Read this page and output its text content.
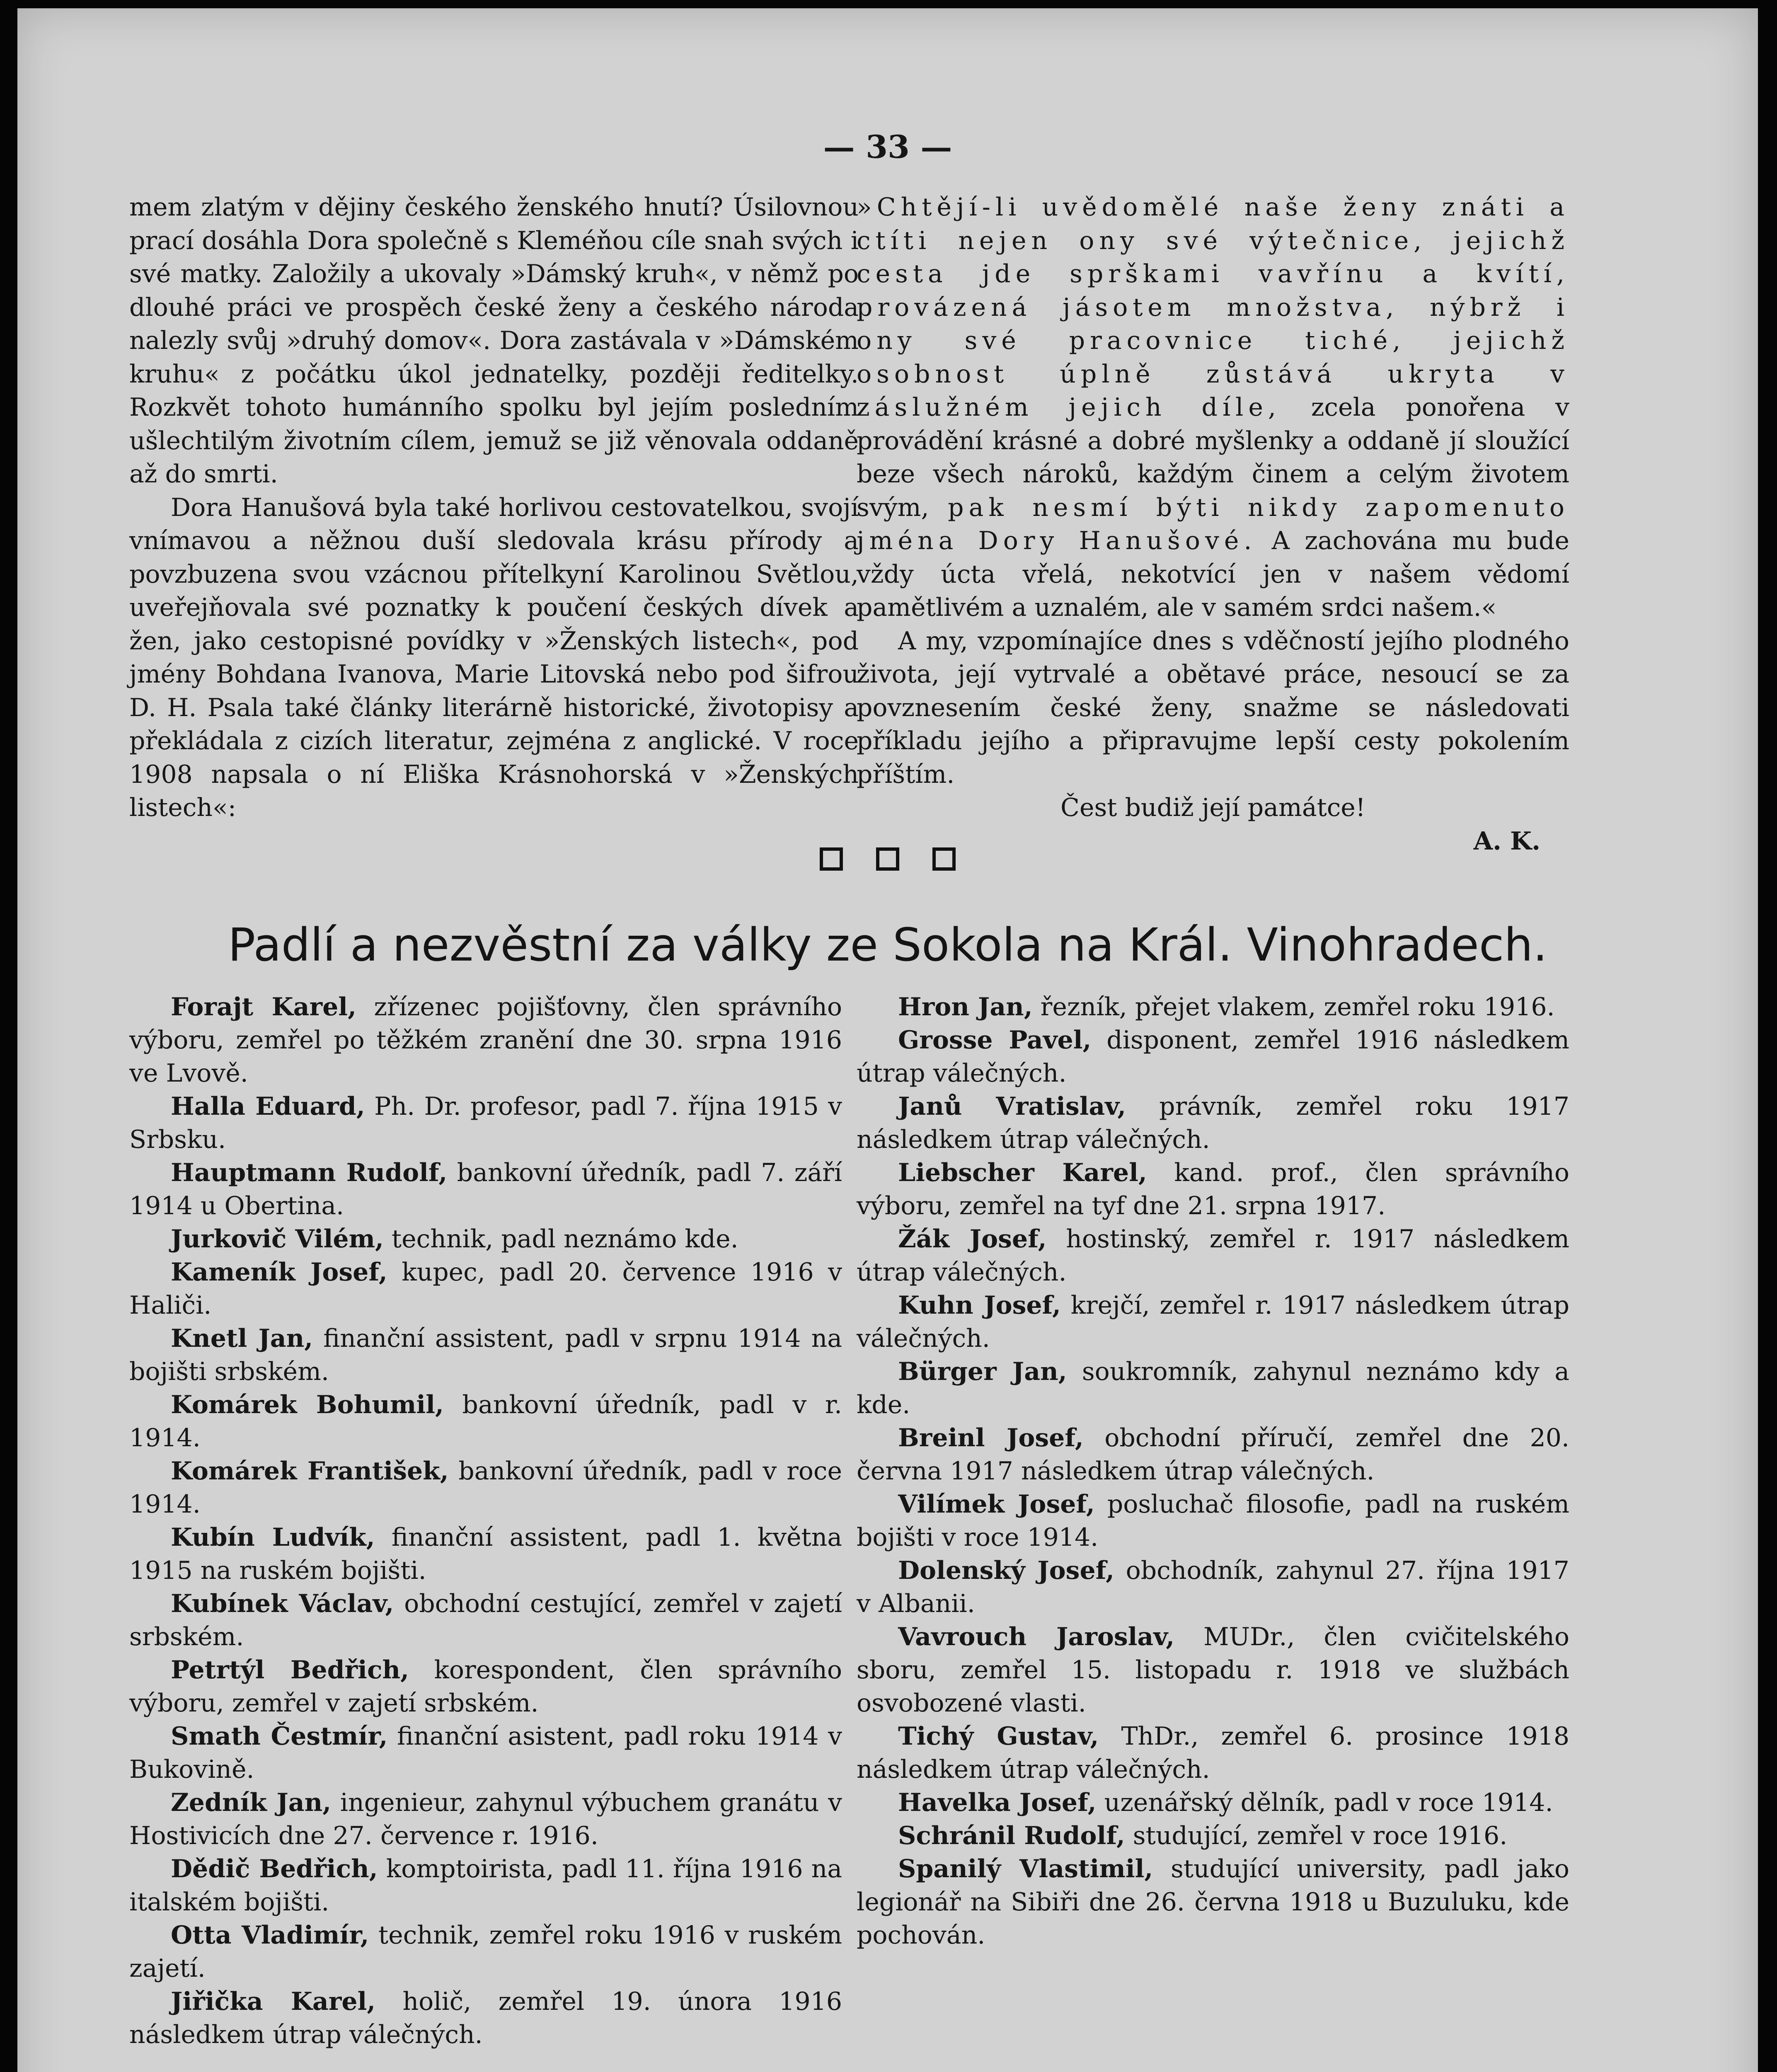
— 33 —

mem zlatým v dějiny českého ženského hnutí? Úsilovnou prací dosáhla Dora společně s Kleméňou cíle snah svých i své matky. Založily a ukovaly »Dámský kruh«, v němž po dlouhé práci ve prospěch české ženy a českého národa nalezly svůj »druhý domov«. Dora zastávala v »Dámském kruhu« z počátku úkol jednatelky, později ředitelky. Rozkvět tohoto humánního spolku byl jejím posledním ušlechtilým životním cílem, jemuž se již věnovala oddaně až do smrti.

Dora Hanušová byla také horlivou cestovatelkou, svojí vnímavou a něžnou duší sledovala krásu přírody a povzbuzena svou vzácnou přítelkyní Karolinou Světlou, uveřejňovala své poznatky k poučení českých dívek a žen, jako cestopisné povídky v »Ženských listech«, pod jmény Bohdana Ivanova, Marie Litovská nebo pod šifrou D. H. Psala také články literárně historické, životopisy a překládala z cizích literatur, zejména z anglické. V roce 1908 napsala o ní Eliška Krásnohorská v »Ženských listech«:

»Chtějí-li uvědomělé naše ženy znáti a ctíti nejen ony své výtečnice, jejichž cesta jde sprškami vavřínu a kvítí, provázená jásotem množstva, nýbrž i ony své pracovnice tiché, jejichž osobnost úplně zůstává ukryta v záslužném jejich díle, zcela ponořena v provádění krásné a dobré myšlenky a oddaně jí sloužící beze všech nároků, každým činem a celým životem svým, pak nesmí býti nikdy zapomenuto jména Dory Hanušové. A zachována mu bude vždy úcta vřelá, nekotvící jen v našem vědomí pamětlivém a uznalém, ale v samém srdci našem.«

A my, vzpomínajíce dnes s vděčností jejího plodného života, její vytrvalé a obětavé práce, nesoucí se za povznesením české ženy, snažme se následovati příkladu jejího a připravujme lepší cesty pokolením příštím.

Čest budiž její památce!

A. K.

Padlí a nezvěstní za války ze Sokola na Král. Vinohradech.

Forajt Karel, zřízenec pojišťovny, člen správního výboru, zemřel po těžkém zranění dne 30. srpna 1916 ve Lvově.

Halla Eduard, Ph. Dr. profesor, padl 7. října 1915 v Srbsku.

Hauptmann Rudolf, bankovní úředník, padl 7. září 1914 u Obertina.

Jurkovič Vilém, technik, padl neznámo kde.

Kameník Josef, kupec, padl 20. července 1916 v Haliči.

Knetl Jan, finanční assistent, padl v srpnu 1914 na bojišti srbském.

Komárek Bohumil, bankovní úředník, padl v r. 1914.

Komárek František, bankovní úředník, padl v roce 1914.

Kubín Ludvík, finanční assistent, padl 1. května 1915 na ruském bojišti.

Kubínek Václav, obchodní cestující, zemřel v zajetí srbském.

Petrtýl Bedřich, korespondent, člen správního výboru, zemřel v zajetí srbském.

Smath Čestmír, finanční asistent, padl roku 1914 v Bukovině.

Zedník Jan, ingenieur, zahynul výbuchem granátu v Hostivicích dne 27. července r. 1916.

Dědič Bedřich, komptoirista, padl 11. října 1916 na italském bojišti.

Otta Vladimír, technik, zemřel roku 1916 v ruském zajetí.

Jiřička Karel, holič, zemřel 19. února 1916 následkem útrap válečných.

Hron Jan, řezník, přejet vlakem, zemřel roku 1916.

Grosse Pavel, disponent, zemřel 1916 následkem útrap válečných.

Janů Vratislav, právník, zemřel roku 1917 následkem útrap válečných.

Liebscher Karel, kand. prof., člen správního výboru, zemřel na tyf dne 21. srpna 1917.

Žák Josef, hostinský, zemřel r. 1917 následkem útrap válečných.

Kuhn Josef, krejčí, zemřel r. 1917 následkem útrap válečných.

Bürger Jan, soukromník, zahynul neznámo kdy a kde.

Breinl Josef, obchodní příručí, zemřel dne 20. června 1917 následkem útrap válečných.

Vilímek Josef, posluchač filosofie, padl na ruském bojišti v roce 1914.

Dolenský Josef, obchodník, zahynul 27. října 1917 v Albanii.

Vavrouch Jaroslav, MUDr., člen cvičitelského sboru, zemřel 15. listopadu r. 1918 ve službách osvobozené vlasti.

Tichý Gustav, ThDr., zemřel 6. prosince 1918 následkem útrap válečných.

Havelka Josef, uzenářský dělník, padl v roce 1914.

Schránil Rudolf, studující, zemřel v roce 1916.

Spanilý Vlastimil, studující university, padl jako legionář na Sibiři dne 26. června 1918 u Buzuluku, kde pochován.
